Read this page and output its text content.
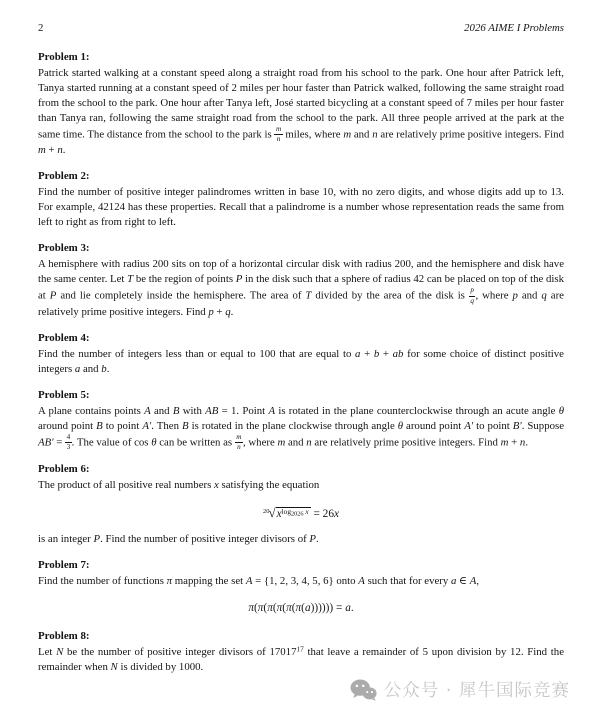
2	2026 AIME I Problems
Problem 1:

Patrick started walking at a constant speed along a straight road from his school to the park. One hour after Patrick left, Tanya started running at a constant speed of 2 miles per hour faster than Patrick walked, following the same straight road from the school to the park. One hour after Tanya left, José started bicycling at a constant speed of 7 miles per hour faster than Tanya ran, following the same straight road from the school to the park. All three people arrived at the park at the same time. The distance from the school to the park is $\frac{m}{n}$ miles, where m and n are relatively prime positive integers. Find m + n.

Problem 2:

Find the number of positive integer palindromes written in base 10, with no zero digits, and whose digits add up to 13. For example, 42124 has these properties. Recall that a palindrome is a number whose representation reads the same from left to right as from right to left.

Problem 3:

A hemisphere with radius 200 sits on top of a horizontal circular disk with radius 200, and the hemisphere and disk have the same center. Let T be the region of points P in the disk such that a sphere of radius 42 can be placed on top of the disk at P and lie completely inside the hemisphere. The area of T divided by the area of the disk is $\frac{p}{q}$ , where p and q are relatively prime positive integers. Find p + q.

Problem 4:

Find the number of integers less than or equal to 100 that are equal to a + b + ab for some choice of distinct positive integers a and b.

Problem 5:

A plane contains points A and B with AB = 1. Point A is rotated in the plane counterclockwise through an acute angle θ around point B to point A′. Then B is rotated in the plane clockwise through angle θ around point A′ to point B′. Suppose $AB' = \frac{4}{3}$ . The value of cos θ can be written as $\frac{m}{n}$ , where m and n are relatively prime positive integers. Find m + n.

Problem 6:

The product of all positive real numbers x satisfying the equation

$^{20}√x^{log_{2026} x} = 26x$

is an integer P. Find the number of positive integer divisors of P.

Problem 7:

Find the number of functions π mapping the set A = {1, 2, 3, 4, 5, 6} onto A such that for every a ∈ A,

π(π(π(π(π(π(a)))))) = a.
Problem 8:

Let N be the number of positive integer divisors of 17017$^{17}$ that leave a remainder of 5 upon division by 12. Find the remainder when N is divided by 1000.

公众号 · 犀牛国际竞赛
